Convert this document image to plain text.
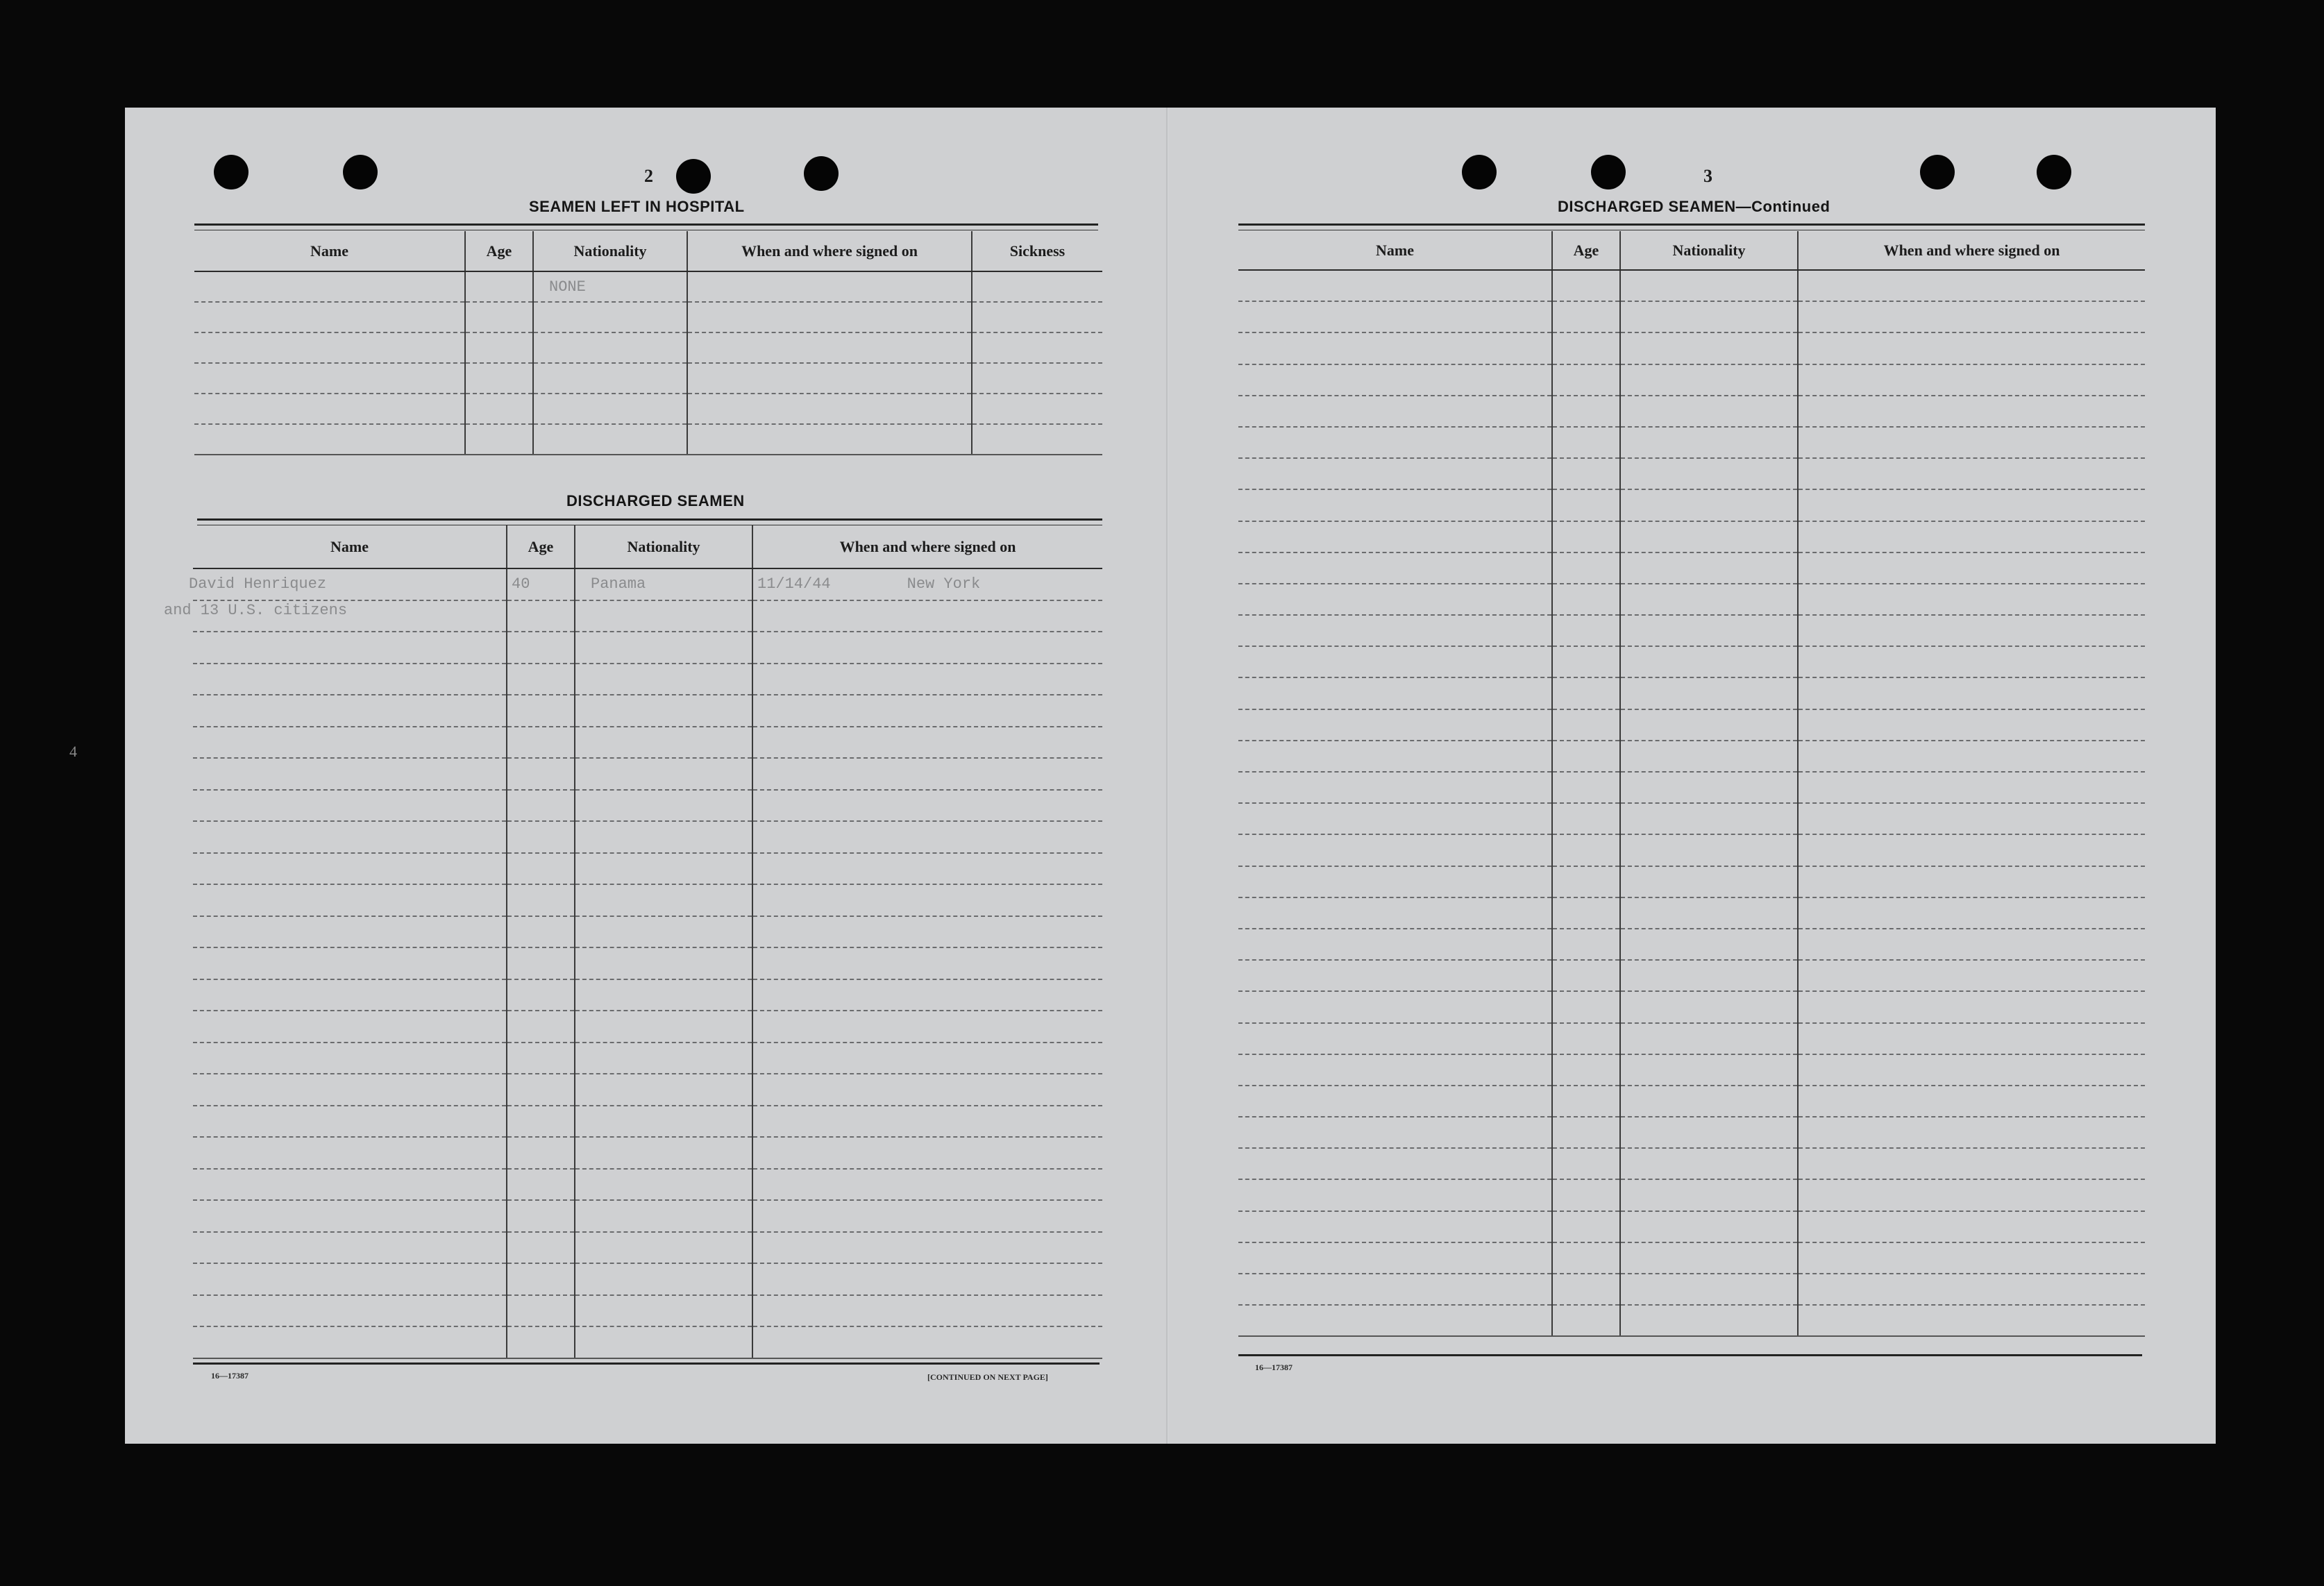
2
SEAMEN LEFT IN HOSPITAL
Name	Age	Nationality	When and where signed on	Sickness
		NONE		

DISCHARGED SEAMEN
Name	Age	Nationality	When and where signed on
David Henriquez	40	Panama	11/14/44 New York

and 13 U.S. citizens
16—17387	[CONTINUED ON NEXT PAGE]
3
DISCHARGED SEAMEN—Continued
Name	Age	Nationality	When and where signed on

16—17387
4
